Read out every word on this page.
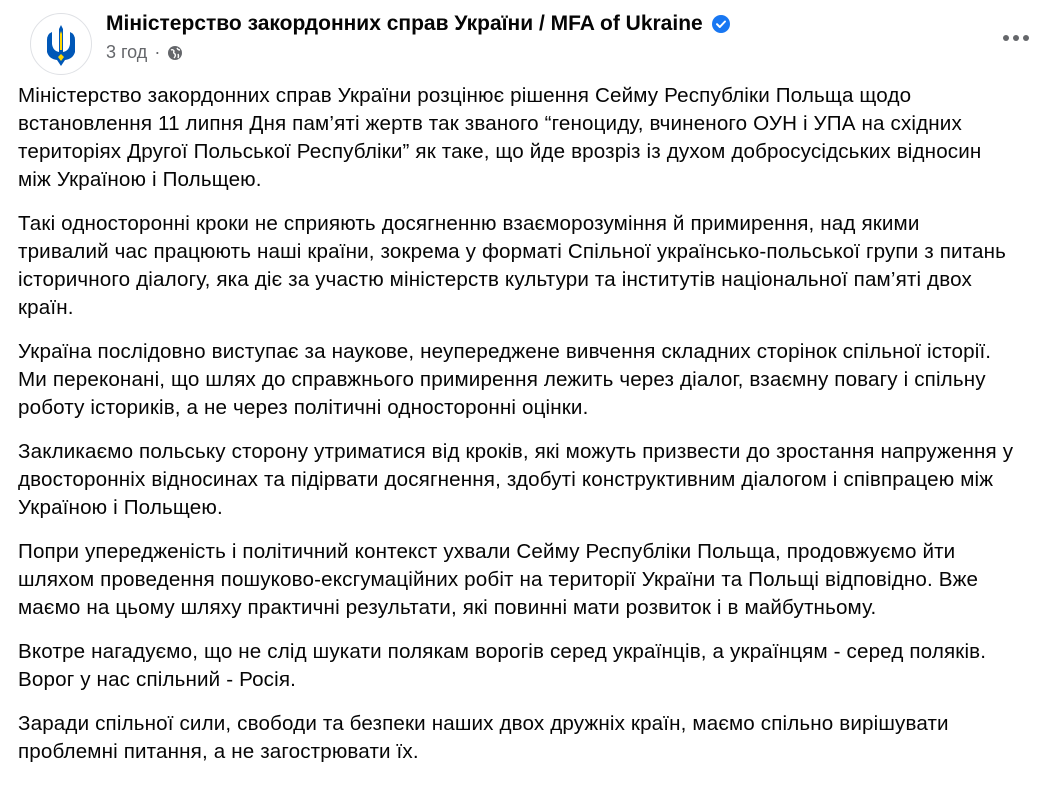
Міністерство закордонних справ України / MFA of Ukraine
3 год ·

Міністерство закордонних справ України розцінює рішення Сейму Республіки Польща щодо встановлення 11 липня Дня пам’яті жертв так званого “геноциду, вчиненого ОУН і УПА на східних територіях Другої Польської Республіки” як таке, що йде врозріз із духом добросусідських відносин між Україною і Польщею.

Такі односторонні кроки не сприяють досягненню взаєморозуміння й примирення, над якими тривалий час працюють наші країни, зокрема у форматі Спільної українсько-польської групи з питань історичного діалогу, яка діє за участю міністерств культури та інститутів національної пам’яті двох країн.

Україна послідовно виступає за наукове, неупереджене вивчення складних сторінок спільної історії. Ми переконані, що шлях до справжнього примирення лежить через діалог, взаємну повагу і спільну роботу істориків, а не через політичні односторонні оцінки.

Закликаємо польську сторону утриматися від кроків, які можуть призвести до зростання напруження у двосторонніх відносинах та підірвати досягнення, здобуті конструктивним діалогом і співпрацею між Україною і Польщею.

Попри упередженість і політичний контекст ухвали Сейму Республіки Польща, продовжуємо йти шляхом проведення пошуково-ексгумаційних робіт на території України та Польщі відповідно. Вже маємо на цьому шляху практичні результати, які повинні мати розвиток і в майбутньому.

Вкотре нагадуємо, що не слід шукати полякам ворогів серед українців, а українцям - серед поляків. Ворог у нас спільний - Росія.

Заради спільної сили, свободи та безпеки наших двох дружніх країн, маємо спільно вирішувати проблемні питання, а не загострювати їх.
